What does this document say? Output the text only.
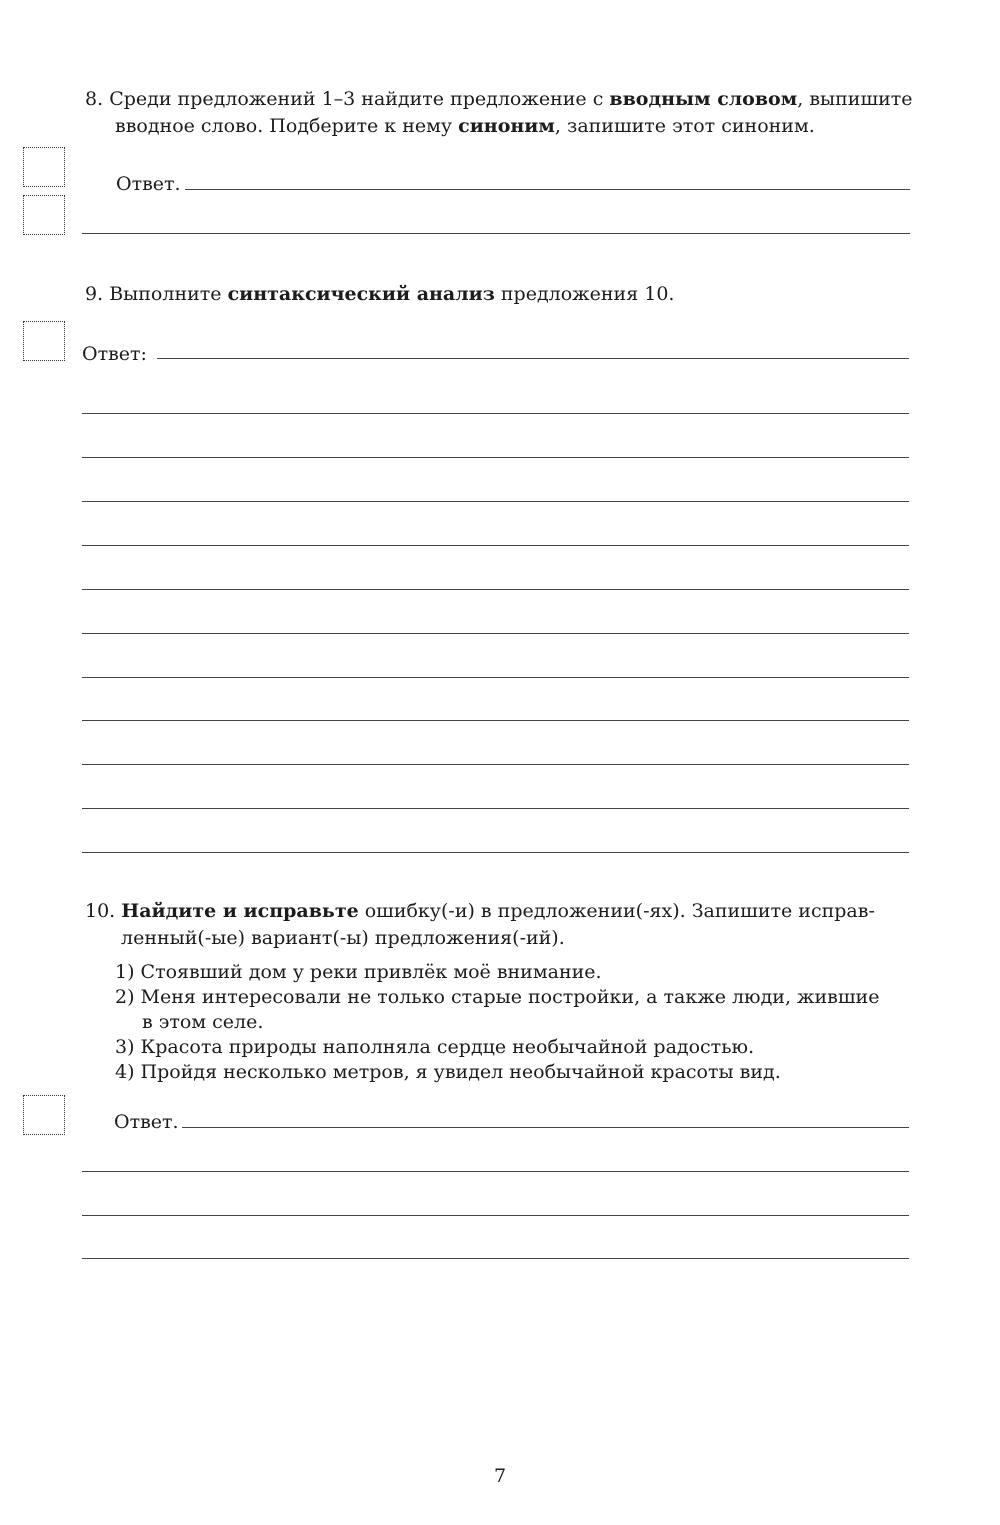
8. Среди предложений 1–3 найдите предложение с вводным словом, выпишите
вводное слово. Подберите к нему синоним, запишите этот синоним.
Ответ.
9. Выполните синтаксический анализ предложения 10.
Ответ:
10. Найдите и исправьте ошибку(-и) в предложении(-ях). Запишите исправ-
ленный(-ые) вариант(-ы) предложения(-ий).
1) Стоявший дом у реки привлёк моё внимание.
2) Меня интересовали не только старые постройки, а также люди, жившие
в этом селе.
3) Красота природы наполняла сердце необычайной радостью.
4) Пройдя несколько метров, я увидел необычайной красоты вид.
Ответ.
7
